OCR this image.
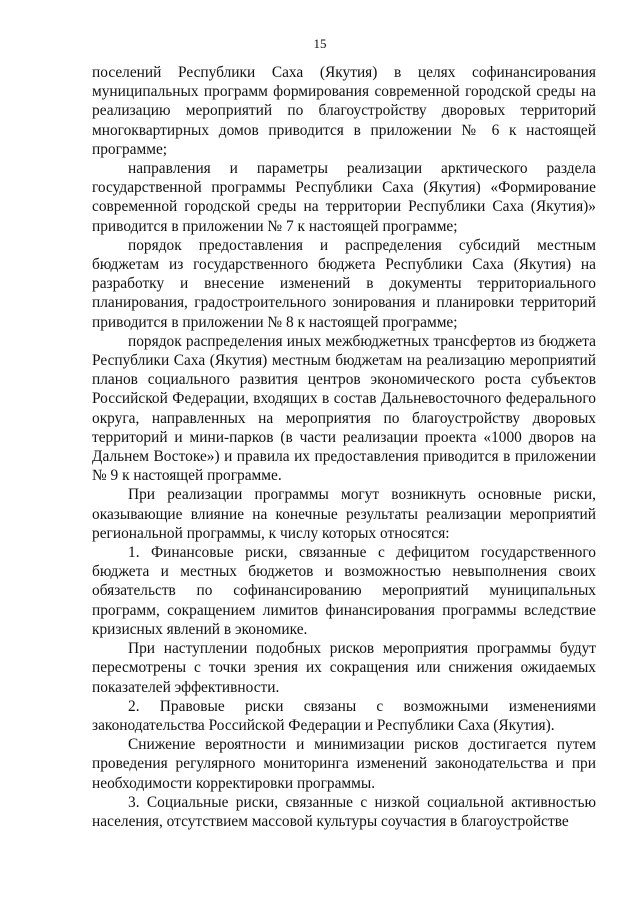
15

поселений Республики Саха (Якутия) в целях софинансирования муниципальных программ формирования современной городской среды на реализацию мероприятий по благоустройству дворовых территорий многоквартирных домов приводится в приложении № 6 к настоящей программе;

направления и параметры реализации арктического раздела государственной программы Республики Саха (Якутия) «Формирование современной городской среды на территории Республики Саха (Якутия)» приводится в приложении № 7 к настоящей программе;

порядок предоставления и распределения субсидий местным бюджетам из государственного бюджета Республики Саха (Якутия) на разработку и внесение изменений в документы территориального планирования, градостроительного зонирования и планировки территорий приводится в приложении № 8 к настоящей программе;

порядок распределения иных межбюджетных трансфертов из бюджета Республики Саха (Якутия) местным бюджетам на реализацию мероприятий планов социального развития центров экономического роста субъектов Российской Федерации, входящих в состав Дальневосточного федерального округа, направленных на мероприятия по благоустройству дворовых территорий и мини-парков (в части реализации проекта «1000 дворов на Дальнем Востоке») и правила их предоставления приводится в приложении № 9 к настоящей программе.

При реализации программы могут возникнуть основные риски, оказывающие влияние на конечные результаты реализации мероприятий региональной программы, к числу которых относятся:

1. Финансовые риски, связанные с дефицитом государственного бюджета и местных бюджетов и возможностью невыполнения своих обязательств по софинансированию мероприятий муниципальных программ, сокращением лимитов финансирования программы вследствие кризисных явлений в экономике.

При наступлении подобных рисков мероприятия программы будут пересмотрены с точки зрения их сокращения или снижения ожидаемых показателей эффективности.

2. Правовые риски связаны с возможными изменениями законодательства Российской Федерации и Республики Саха (Якутия).

Снижение вероятности и минимизации рисков достигается путем проведения регулярного мониторинга изменений законодательства и при необходимости корректировки программы.

3. Социальные риски, связанные с низкой социальной активностью населения, отсутствием массовой культуры соучастия в благоустройстве
